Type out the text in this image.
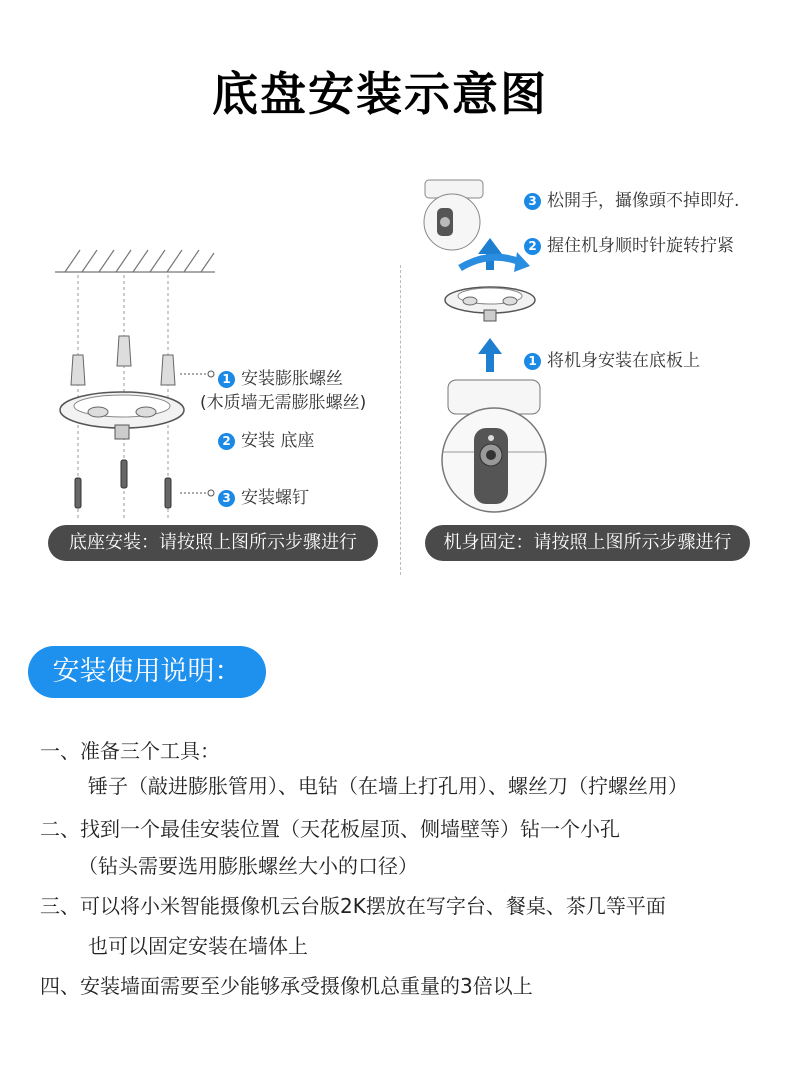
底盘安装示意图
1 安装膨胀螺丝
(木质墙无需膨胀螺丝)
2 安装 底座
3 安装螺钉
底座安装：请按照上图所示步骤进行
3 松開手，攝像頭不掉即好.
2 握住机身顺时针旋转拧紧
1 将机身安装在底板上
机身固定：请按照上图所示步骤进行
安装使用说明：
一、准备三个工具：
锤子（敲进膨胀管用）、电钻（在墙上打孔用）、螺丝刀（拧螺丝用）
二、找到一个最佳安装位置（天花板屋顶、侧墙壁等）钻一个小孔
（钻头需要选用膨胀螺丝大小的口径）
三、可以将小米智能摄像机云台版2K摆放在写字台、餐桌、茶几等平面
也可以固定安装在墙体上
四、安装墙面需要至少能够承受摄像机总重量的3倍以上
